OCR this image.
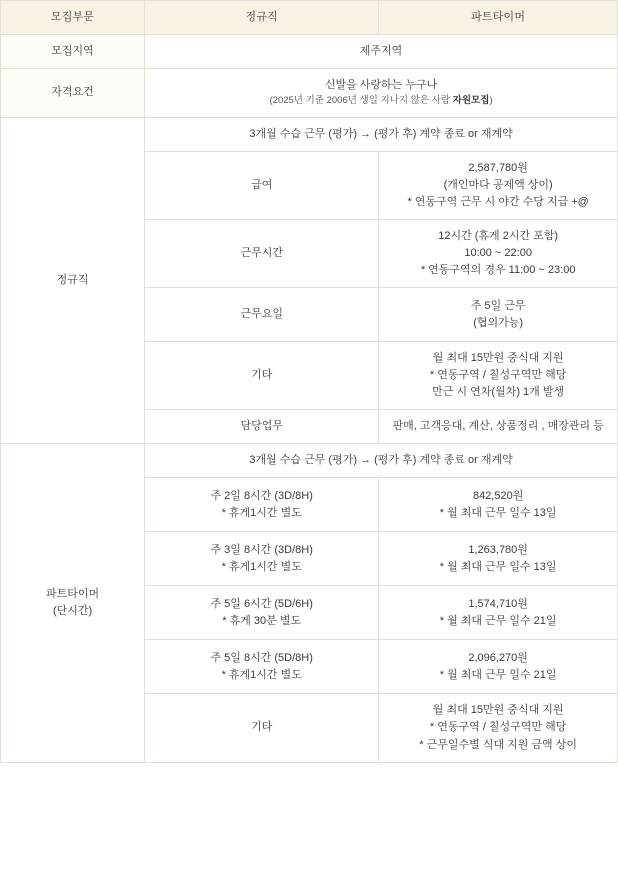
모집부문	정규직	파트타이머
모집지역	제주지역	
자격요건	신발을 사랑하는 누구나
(2025년 기준 2006년 생일 지나지 않은 사람 자원모집)	

정규직	3개월 수습 근무 (평가) → (평가 후) 계약 종료 or 재계약	
	급여	2,587,780원
(개인마다 공제액 상이)
* 연동구역 근무 시 야간 수당 지급 +@

	근무시간	12시간 (휴게 2시간 포함)
10:00 ~ 22:00
* 연동구역의 경우 11:00 ~ 23:00

	근무요일	주 5일 근무
(협의가능)

	기타	월 최대 15만원 중식대 지원
* 연동구역 / 칠성구역만 해당
만근 시 연차(월차) 1개 발생

	담당업무	판매, 고객응대, 계산, 상품정리 , 매장관리 등

파트타이머
(단시간)	3개월 수습 근무 (평가) → (평가 후) 계약 종료 or 재계약	

	주 2일 8시간 (3D/8H)
* 휴게1시간 별도	842,520원
* 월 최대 근무 일수 13일

	주 3일 8시간 (3D/8H)
* 휴게1시간 별도	1,263,780원
* 월 최대 근무 일수 13일

	주 5일 6시간 (5D/6H)
* 휴게 30분 별도	1,574,710원
* 월 최대 근무 일수 21일

	주 5일 8시간 (5D/8H)
* 휴게1시간 별도	2,096,270원
* 월 최대 근무 일수 21일

	기타	월 최대 15만원 중식대 지원
* 연동구역 / 칠성구역만 해당
* 근무일수별 식대 지원 금액 상이
